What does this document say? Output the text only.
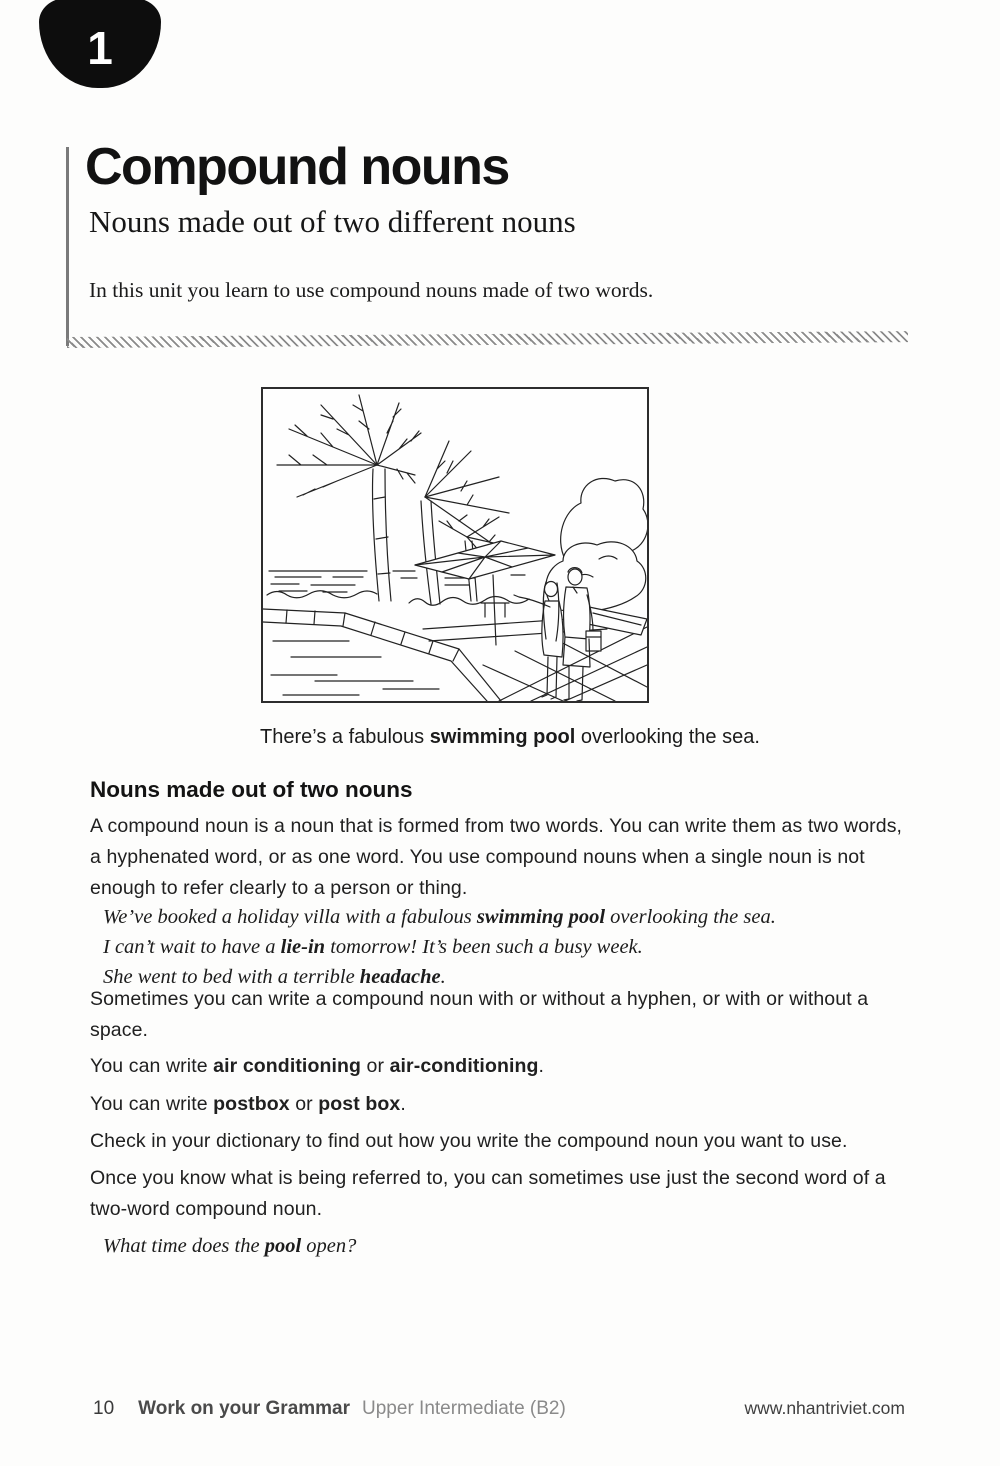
1
Compound nouns
Nouns made out of two different nouns
In this unit you learn to use compound nouns made of two words.
There’s a fabulous swimming pool overlooking the sea.
Nouns made out of two nouns
A compound noun is a noun that is formed from two words. You can write them as two words, a hyphenated word, or as one word. You use compound nouns when a single noun is not enough to refer clearly to a person or thing.
We’ve booked a holiday villa with a fabulous swimming pool overlooking the sea.
I can’t wait to have a lie-in tomorrow! It’s been such a busy week.
She went to bed with a terrible headache.
Sometimes you can write a compound noun with or without a hyphen, or with or without a space.
You can write air conditioning or air-conditioning.
You can write postbox or post box.
Check in your dictionary to find out how you write the compound noun you want to use.
Once you know what is being referred to, you can sometimes use just the second word of a two-word compound noun.
What time does the pool open?
10 Work on your Grammar Upper Intermediate (B2)	www.nhantriviet.com
